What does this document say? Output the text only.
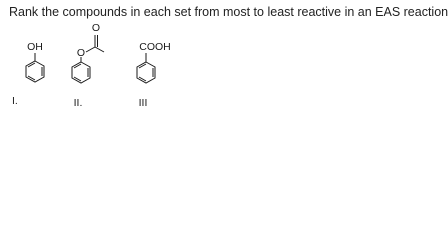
Rank the compounds in each set from most to least reactive in an EAS reaction
OH
I.
O
O
II.
COOH
III
